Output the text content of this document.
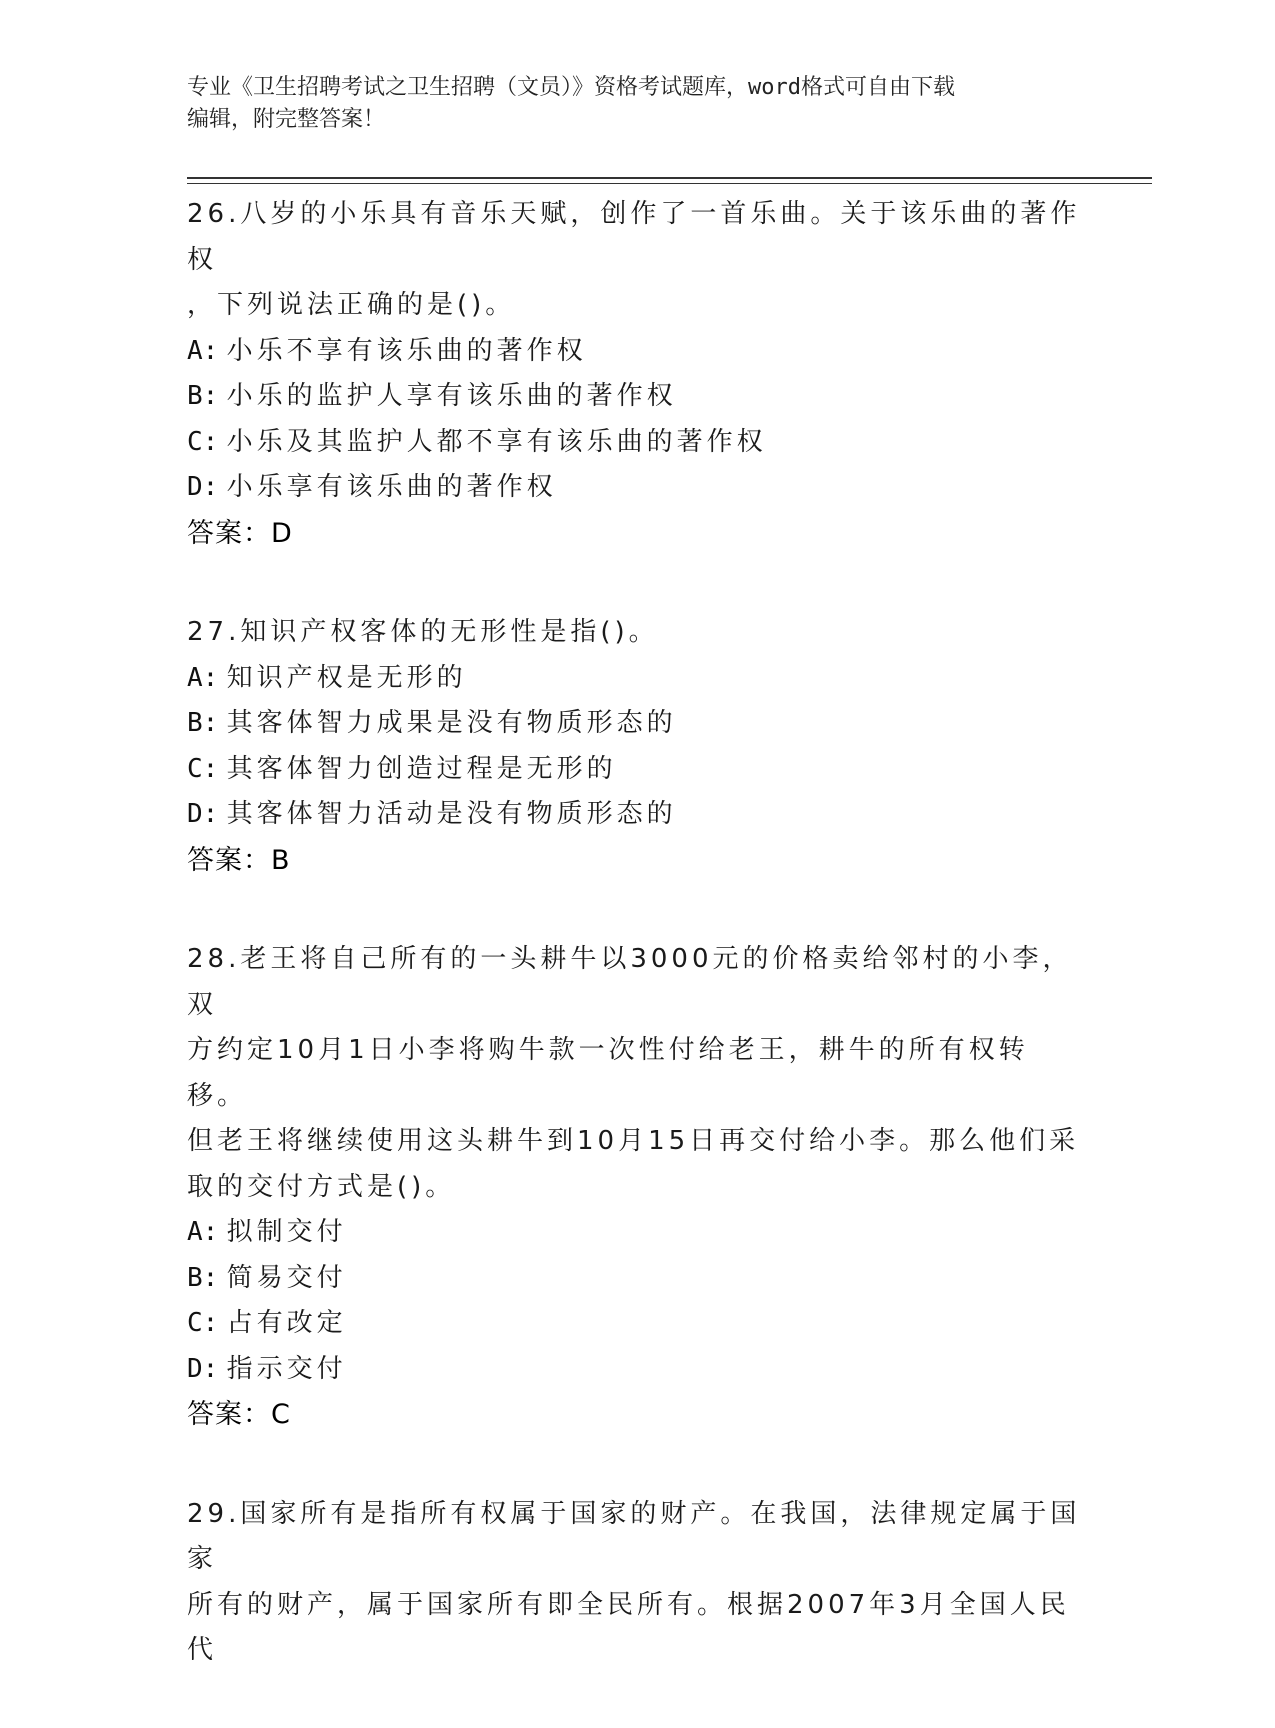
专业《卫生招聘考试之卫生招聘（文员）》资格考试题库，word格式可自由下载
编辑，附完整答案！
26.八岁的小乐具有音乐天赋，创作了一首乐曲。关于该乐曲的著作权
，下列说法正确的是()。
A: 小乐不享有该乐曲的著作权
B: 小乐的监护人享有该乐曲的著作权
C: 小乐及其监护人都不享有该乐曲的著作权
D: 小乐享有该乐曲的著作权
答案：D
27.知识产权客体的无形性是指()。
A: 知识产权是无形的
B: 其客体智力成果是没有物质形态的
C: 其客体智力创造过程是无形的
D: 其客体智力活动是没有物质形态的
答案：B
28.老王将自己所有的一头耕牛以3000元的价格卖给邻村的小李，双
方约定10月1日小李将购牛款一次性付给老王，耕牛的所有权转移。
但老王将继续使用这头耕牛到10月15日再交付给小李。那么他们采
取的交付方式是()。
A: 拟制交付
B: 简易交付
C: 占有改定
D: 指示交付
答案：C
29.国家所有是指所有权属于国家的财产。在我国，法律规定属于国家
所有的财产，属于国家所有即全民所有。根据2007年3月全国人民代
